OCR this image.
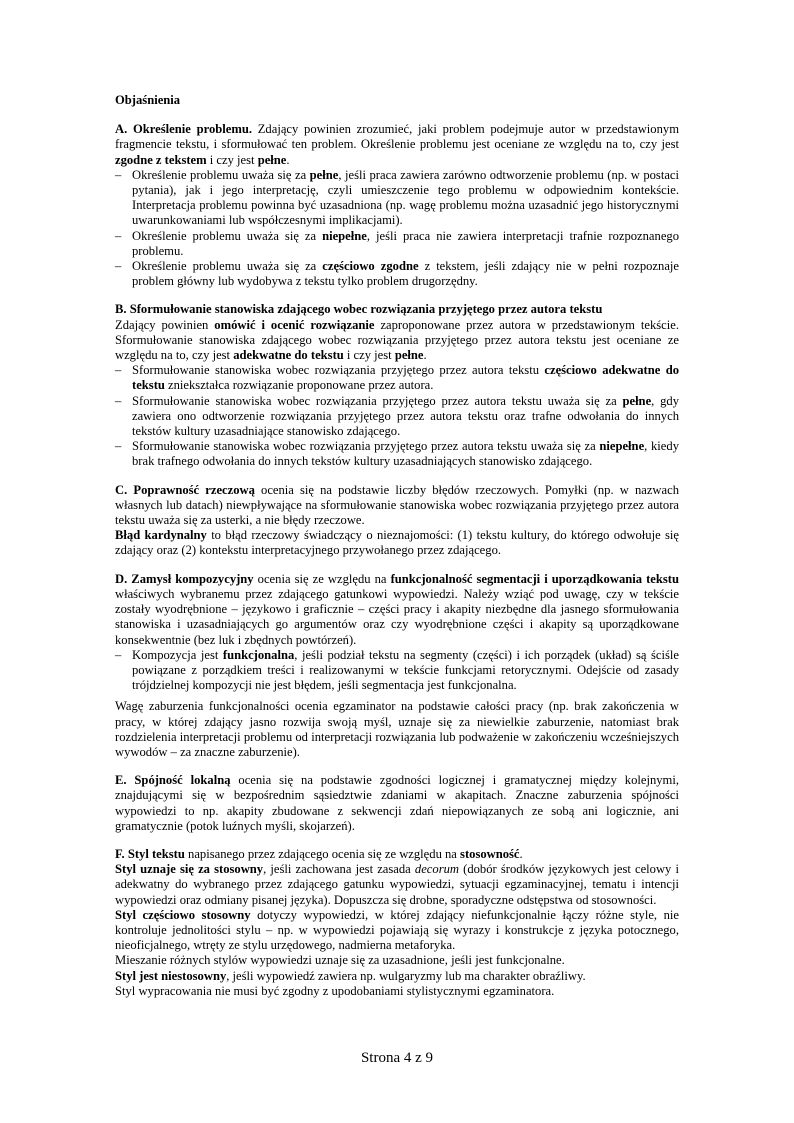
Objaśnienia

A. Określenie problemu. Zdający powinien zrozumieć, jaki problem podejmuje autor w przedstawionym fragmencie tekstu, i sformułować ten problem. Określenie problemu jest oceniane ze względu na to, czy jest zgodne z tekstem i czy jest pełne.

– Określenie problemu uważa się za pełne, jeśli praca zawiera zarówno odtworzenie problemu (np. w postaci pytania), jak i jego interpretację, czyli umieszczenie tego problemu w odpowiednim kontekście. Interpretacja problemu powinna być uzasadniona (np. wagę problemu można uzasadnić jego historycznymi uwarunkowaniami lub współczesnymi implikacjami).
– Określenie problemu uważa się za niepełne, jeśli praca nie zawiera interpretacji trafnie rozpoznanego problemu.
– Określenie problemu uważa się za częściowo zgodne z tekstem, jeśli zdający nie w pełni rozpoznaje problem główny lub wydobywa z tekstu tylko problem drugorzędny.

B. Sformułowanie stanowiska zdającego wobec rozwiązania przyjętego przez autora tekstu

Zdający powinien omówić i ocenić rozwiązanie zaproponowane przez autora w przedstawionym tekście. Sformułowanie stanowiska zdającego wobec rozwiązania przyjętego przez autora tekstu jest oceniane ze względu na to, czy jest adekwatne do tekstu i czy jest pełne.

– Sformułowanie stanowiska wobec rozwiązania przyjętego przez autora tekstu częściowo adekwatne do tekstu zniekształca rozwiązanie proponowane przez autora.
– Sformułowanie stanowiska wobec rozwiązania przyjętego przez autora tekstu uważa się za pełne, gdy zawiera ono odtworzenie rozwiązania przyjętego przez autora tekstu oraz trafne odwołania do innych tekstów kultury uzasadniające stanowisko zdającego.
– Sformułowanie stanowiska wobec rozwiązania przyjętego przez autora tekstu uważa się za niepełne, kiedy brak trafnego odwołania do innych tekstów kultury uzasadniających stanowisko zdającego.

C. Poprawność rzeczową ocenia się na podstawie liczby błędów rzeczowych. Pomyłki (np. w nazwach własnych lub datach) niewpływające na sformułowanie stanowiska wobec rozwiązania przyjętego przez autora tekstu uważa się za usterki, a nie błędy rzeczowe.

Błąd kardynalny to błąd rzeczowy świadczący o nieznajomości: (1) tekstu kultury, do którego odwołuje się zdający oraz (2) kontekstu interpretacyjnego przywołanego przez zdającego.

D. Zamysł kompozycyjny ocenia się ze względu na funkcjonalność segmentacji i uporządkowania tekstu właściwych wybranemu przez zdającego gatunkowi wypowiedzi. Należy wziąć pod uwagę, czy w tekście zostały wyodrębnione – językowo i graficznie – części pracy i akapity niezbędne dla jasnego sformułowania stanowiska i uzasadniających go argumentów oraz czy wyodrębnione części i akapity są uporządkowane konsekwentnie (bez luk i zbędnych powtórzeń).

– Kompozycja jest funkcjonalna, jeśli podział tekstu na segmenty (części) i ich porządek (układ) są ściśle powiązane z porządkiem treści i realizowanymi w tekście funkcjami retorycznymi. Odejście od zasady trójdzielnej kompozycji nie jest błędem, jeśli segmentacja jest funkcjonalna.

Wagę zaburzenia funkcjonalności ocenia egzaminator na podstawie całości pracy (np. brak zakończenia w pracy, w której zdający jasno rozwija swoją myśl, uznaje się za niewielkie zaburzenie, natomiast brak rozdzielenia interpretacji problemu od interpretacji rozwiązania lub podważenie w zakończeniu wcześniejszych wywodów – za znaczne zaburzenie).

E. Spójność lokalną ocenia się na podstawie zgodności logicznej i gramatycznej między kolejnymi, znajdującymi się w bezpośrednim sąsiedztwie zdaniami w akapitach. Znaczne zaburzenia spójności wypowiedzi to np. akapity zbudowane z sekwencji zdań niepowiązanych ze sobą ani logicznie, ani gramatycznie (potok luźnych myśli, skojarzeń).

F. Styl tekstu napisanego przez zdającego ocenia się ze względu na stosowność.

Styl uznaje się za stosowny, jeśli zachowana jest zasada decorum (dobór środków językowych jest celowy i adekwatny do wybranego przez zdającego gatunku wypowiedzi, sytuacji egzaminacyjnej, tematu i intencji wypowiedzi oraz odmiany pisanej języka). Dopuszcza się drobne, sporadyczne odstępstwa od stosowności.

Styl częściowo stosowny dotyczy wypowiedzi, w której zdający niefunkcjonalnie łączy różne style, nie kontroluje jednolitości stylu – np. w wypowiedzi pojawiają się wyrazy i konstrukcje z języka potocznego, nieoficjalnego, wtręty ze stylu urzędowego, nadmierna metaforyka.

Mieszanie różnych stylów wypowiedzi uznaje się za uzasadnione, jeśli jest funkcjonalne.

Styl jest niestosowny, jeśli wypowiedź zawiera np. wulgaryzmy lub ma charakter obraźliwy.

Styl wypracowania nie musi być zgodny z upodobaniami stylistycznymi egzaminatora.

Strona 4 z 9
